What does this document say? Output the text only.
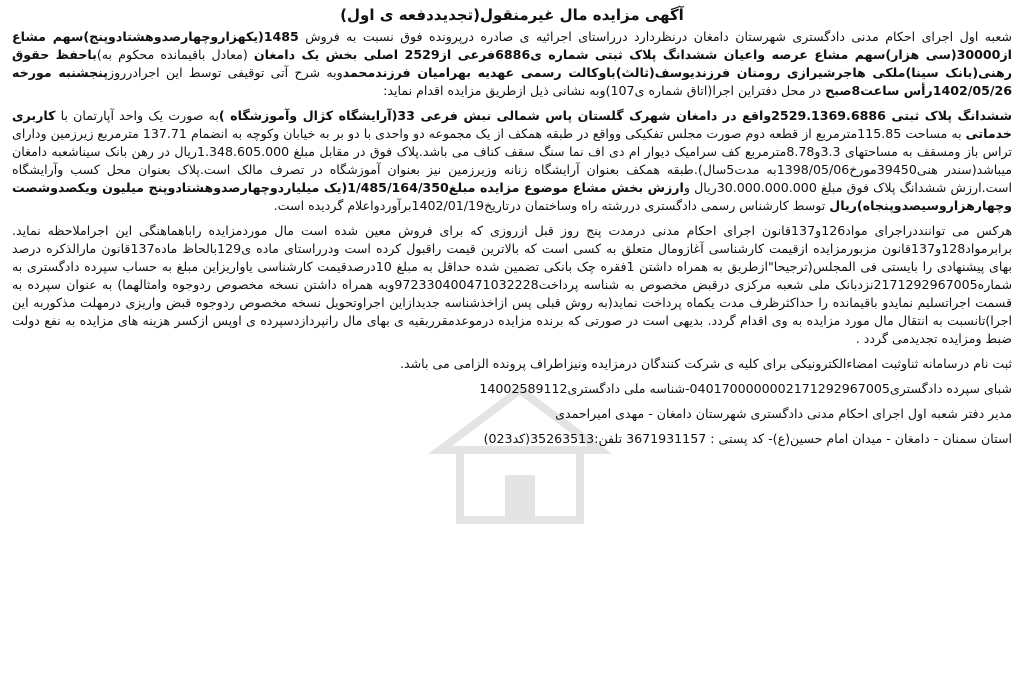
آگهی مزایده مال غیرمنقول(تجدیددفعه ی اول)

شعبه اول اجرای احکام مدنی دادگستری شهرستان دامغان درنظردارد درراستای اجرائیه ی صادره درپرونده فوق نسبت به فروش 1485(یکهزاروچهارصدوهشتادوپنج)سهم مشاع از30000(سی هزار)سهم مشاع عرصه واعیان ششدانگ پلاک ثبتی شماره ی6886فرعی از2529 اصلی بخش یک دامغان (معادل باقیمانده محکوم به)باحفظ حقوق رهنی(بانک سینا)ملکی هاجرشیرازی رومنان فرزندیوسف(ثالث)باوکالت رسمی عهدیه بهرامیان فرزندمحمدوبه شرح آتی توقیفی توسط این اجرادرروزپنجشنبه مورخه 1402/05/26رأس ساعت8صبح در محل دفتراین اجرا(اتاق شماره ی107)وبه نشانی ذیل ازطریق مزایده اقدام نماید:

ششدانگ پلاک ثبتی 2529.1369.6886واقع در دامغان شهرک گلستان پاس شمالی نبش فرعی 33(آرایشگاه کژال وآموزشگاه )به صورت یک واحد آپارتمان با کاربری خدماتی به مساحت 115.85مترمربع از قطعه دوم صورت مجلس تفکیکی وواقع در طبقه همکف از یک مجموعه دو واحدی با دو بر به خیابان وکوچه به انضمام 137.71 مترمربع زیرزمین ودارای تراس باز ومسقف به مساحتهای 3.3و8.78مترمربع کف سرامیک دیوار ام دی اف نما سنگ سقف کناف می باشد.پلاک فوق در مقابل مبلغ 1.348.605.000ریال در رهن بانک سیناشعبه دامغان میباشد(سندر هنی39450مورخ1398/05/06به مدت5سال).طبقه همکف بعنوان آرایشگاه زنانه وزیرزمین نیز بعنوان آموزشگاه در تصرف مالک است.پلاک بعنوان محل کسب وآرایشگاه است.ارزش ششدانگ پلاک فوق مبلغ 30.000.000.000ریال وارزش بخش مشاع موضوع مزایده مبلغ1/485/164/350(یک میلیاردوچهارصدوهشتادوپنج میلیون ویکصدوشصت وچهارهزاروسیصدوپنجاه)ریال توسط کارشناس رسمی دادگستری دررشته راه وساختمان درتاریخ1402/01/19برآوردواعلام گردیده است.

هرکس می تواننددراجرای مواد126و137قانون اجرای احکام مدنی درمدت پنج روز قبل ازروزی که برای فروش معین شده است مال موردمزایده راباهماهنگی این اجراملاحظه نماید. برابرمواد128و137قانون مزبورمزایده ازقیمت کارشناسی آغازومال متعلق به کسی است که بالاترین قیمت راقبول کرده است ودرراستای ماده ی129بالحاظ ماده137قانون مارالذکره درصد بهای پیشنهادی را بایستی فی المجلس(ترجیحا"ازطریق به همراه داشتن 1فقره چک بانکی تضمین شده حداقل به مبلغ 10درصدقیمت کارشناسی یاواریزاین مبلغ به حساب سپرده دادگستری به شماره2171292967005نزدبانک ملی شعبه مرکزی درقبض مخصوص به شناسه پرداخت972330400471032228وبه همراه داشتن نسخه مخصوص ردوجوه وامثالهما) به عنوان سپرده به قسمت اجراتسلیم نمایدو باقیمانده را حداکثرظرف مدت یکماه پرداخت نماید(به روش قبلی پس ازاخذشناسه جدیدازاین اجراوتحویل نسخه مخصوص ردوجوه قبض واریزی درمهلت مذکوربه این اجرا)تانسبت به انتقال مال مورد مزایده به وی اقدام گردد. بدیهی است در صورتی که برنده مزایده درموعدمقرربقیه ی بهای مال رانپردازدسپرده ی اوپس ازکسر هزینه های مزایده به نفع دولت ضبط ومزایده تجدیدمی گردد .

ثبت نام درسامانه ثناوثبت امضاءالکترونیکی برای کلیه ی شرکت کنندگان درمزایده ونیزاطراف پرونده الزامی می باشد.
شبای سپرده دادگستری0401700000002171292967005-شناسه ملی دادگستری14002589112
مدیر دفتر شعبه اول اجرای احکام مدنی دادگستری شهرستان دامغان - مهدی امیراحمدی
استان سمنان - دامغان - میدان امام حسین(ع)- کد پستی : 3671931157 تلفن:35263513(کد023)
